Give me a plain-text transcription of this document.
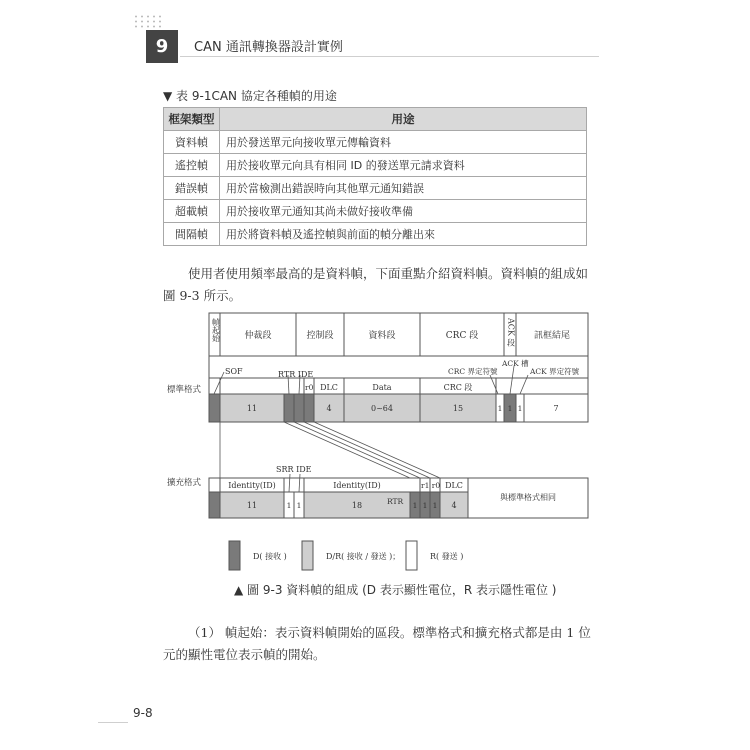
9	CAN 通訊轉換器設計實例
▼ 表 9-1CAN 協定各種幀的用途
框架類型	用途
資料幀	用於發送單元向接收單元傳輸資料
遙控幀	用於接收單元向具有相同 ID 的發送單元請求資料
錯誤幀	用於當檢測出錯誤時向其他單元通知錯誤
超載幀	用於接收單元通知其尚未做好接收準備
間隔幀	用於將資料幀及遙控幀與前面的幀分離出來
使用者使用頻率最高的是資料幀，下面重點介紹資料幀。資料幀的組成如圖 9-3 所示。
幀起始	仲裁段	控制段	資料段	CRC 段	ACK 段 訊框結尾
標準格式
SOF	RTR IDE
r0 DLC	Data	CRC 段
CRC 界定符號
ACK 槽
ACK 界定符號
11	4	0~64	15	1 1 1	7
擴充格式
SRR IDE
Identity(ID)	Identity(ID)	r1 r0 DLC
RTR	與標準格式相同
11	1 1	18	1 1 1 4
D( 接收 )	D/R( 接收 / 發送 )；	R( 發送 )
▲ 圖 9-3 資料幀的組成 (D 表示顯性電位，R 表示隱性電位 )
（1） 幀起始：表示資料幀開始的區段。標準格式和擴充格式都是由 1 位元的顯性電位表示幀的開始。
9-8
